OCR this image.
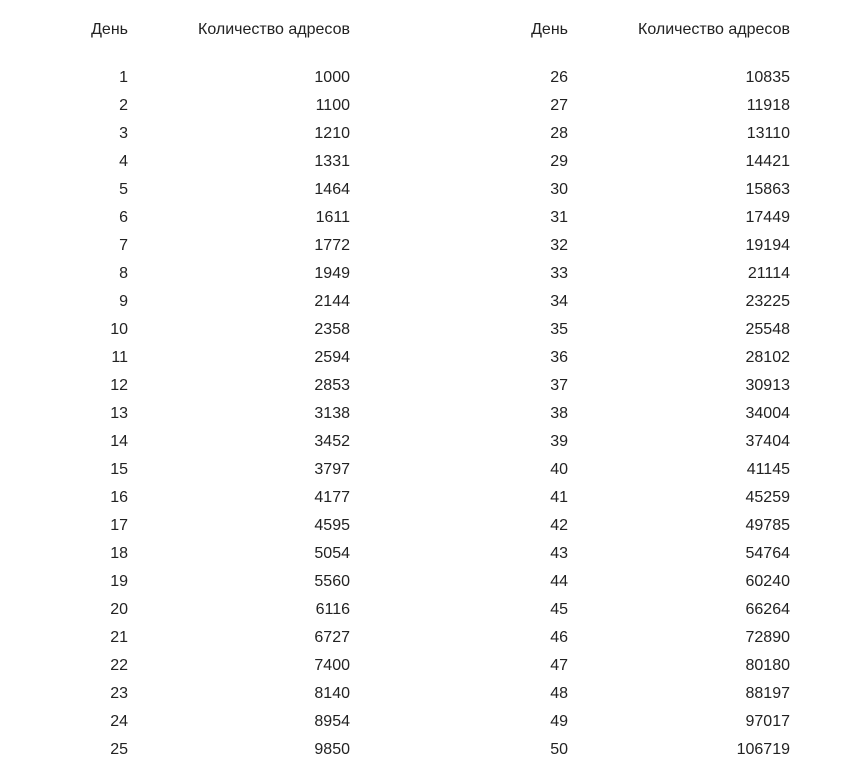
День	Количество адресов
1	1000
2	1100
3	1210
4	1331
5	1464
6	1611
7	1772
8	1949
9	2144
10	2358
11	2594
12	2853
13	3138
14	3452
15	3797
16	4177
17	4595
18	5054
19	5560
20	6116
21	6727
22	7400
23	8140
24	8954
25	9850
День	Количество адресов
26	10835
27	11918
28	13110
29	14421
30	15863
31	17449
32	19194
33	21114
34	23225
35	25548
36	28102
37	30913
38	34004
39	37404
40	41145
41	45259
42	49785
43	54764
44	60240
45	66264
46	72890
47	80180
48	88197
49	97017
50	106719
